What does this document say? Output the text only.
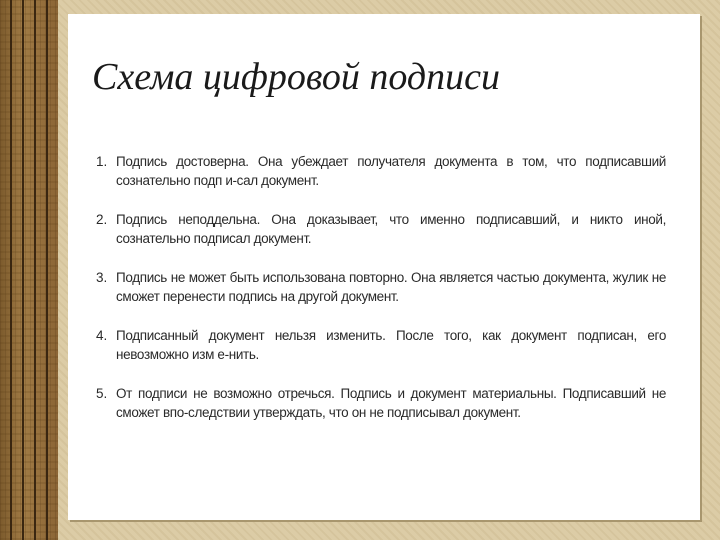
Схема цифровой подписи
1. Подпись достоверна. Она убеждает получателя документа в том, что подписавший сознательно подп и-сал документ.
2. Подпись неподдельна. Она доказывает, что именно подписавший, и никто иной, сознательно подписал документ.
3. Подпись не может быть использована повторно. Она является частью документа, жулик не сможет перенести подпись на другой документ.
4. Подписанный документ нельзя изменить. После того, как документ подписан, его невозможно изм е-нить.
5. От подписи не возможно отречься. Подпись и документ материальны. Подписавший не сможет впо-следствии утверждать, что он не подписывал документ.
